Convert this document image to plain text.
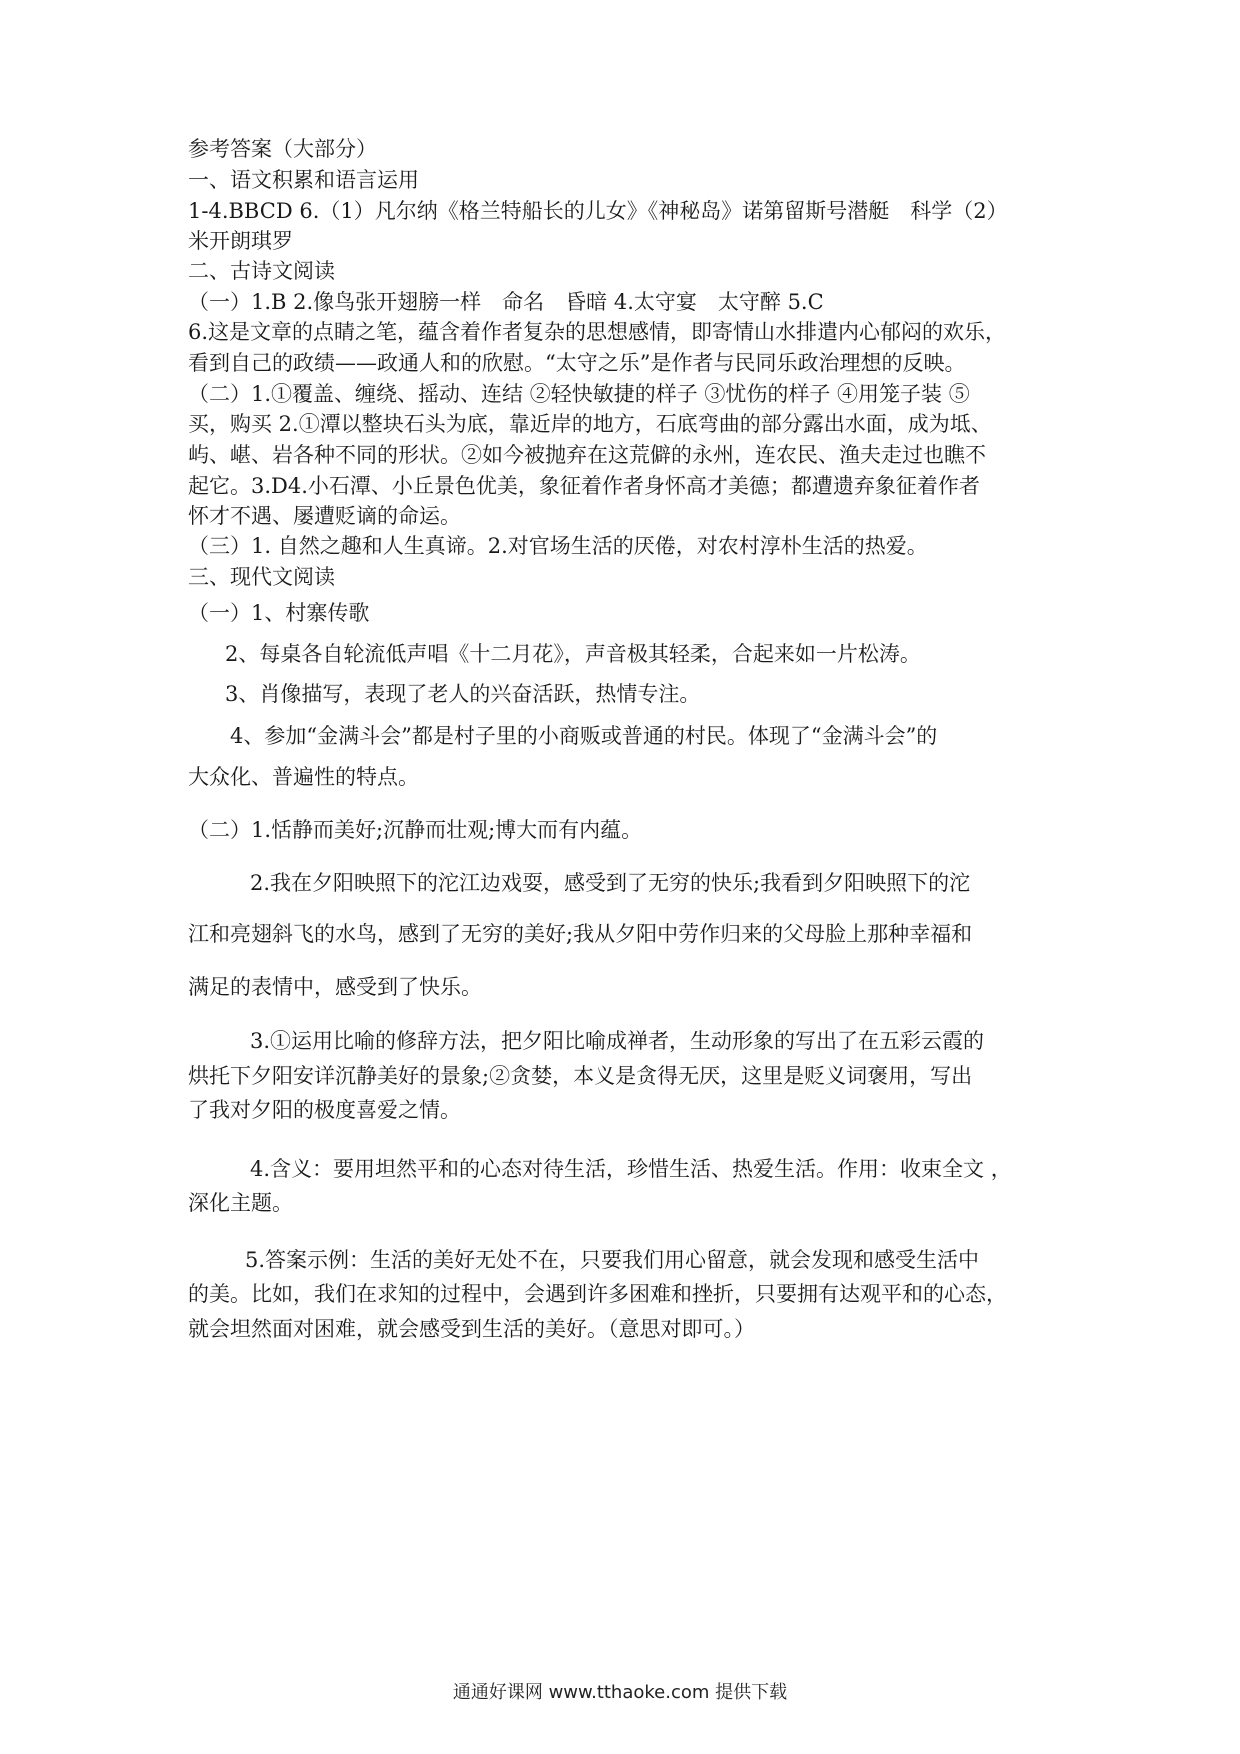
参考答案（大部分）
一、语文积累和语言运用
1-4.BBCD 6.（1）凡尔纳《格兰特船长的儿女》《神秘岛》诺第留斯号潜艇　科学（2）
米开朗琪罗
二、古诗文阅读
（一）1.B 2.像鸟张开翅膀一样　命名　昏暗 4.太守宴　太守醉 5.C
6.这是文章的点睛之笔，蕴含着作者复杂的思想感情，即寄情山水排遣内心郁闷的欢乐，
看到自己的政绩——政通人和的欣慰。“太守之乐”是作者与民同乐政治理想的反映。
（二）1.①覆盖、缠绕、摇动、连结 ②轻快敏捷的样子 ③忧伤的样子 ④用笼子装 ⑤
买，购买 2.①潭以整块石头为底，靠近岸的地方，石底弯曲的部分露出水面，成为坻、
屿、嵁、岩各种不同的形状。②如今被抛弃在这荒僻的永州，连农民、渔夫走过也瞧不
起它。3.D4.小石潭、小丘景色优美，象征着作者身怀高才美德；都遭遗弃象征着作者
怀才不遇、屡遭贬谪的命运。
（三）1. 自然之趣和人生真谛。2.对官场生活的厌倦，对农村淳朴生活的热爱。
三、现代文阅读
（一）1、村寨传歌
2、每桌各自轮流低声唱《十二月花》，声音极其轻柔，合起来如一片松涛。
3、肖像描写，表现了老人的兴奋活跃，热情专注。
4、参加“金满斗会”都是村子里的小商贩或普通的村民。体现了“金满斗会”的
大众化、普遍性的特点。
（二）1.恬静而美好;沉静而壮观;博大而有内蕴。
2.我在夕阳映照下的沱江边戏耍，感受到了无穷的快乐;我看到夕阳映照下的沱
江和亮翅斜飞的水鸟，感到了无穷的美好;我从夕阳中劳作归来的父母脸上那种幸福和
满足的表情中，感受到了快乐。
3.①运用比喻的修辞方法，把夕阳比喻成禅者，生动形象的写出了在五彩云霞的
烘托下夕阳安详沉静美好的景象;②贪婪，本义是贪得无厌，这里是贬义词褒用，写出
了我对夕阳的极度喜爱之情。
4.含义：要用坦然平和的心态对待生活，珍惜生活、热爱生活。作用：收束全文 ，
深化主题。
5.答案示例：生活的美好无处不在，只要我们用心留意，就会发现和感受生活中
的美。比如，我们在求知的过程中，会遇到许多困难和挫折，只要拥有达观平和的心态，
就会坦然面对困难，就会感受到生活的美好。（意思对即可。）
通通好课网 www.tthaoke.com 提供下载
